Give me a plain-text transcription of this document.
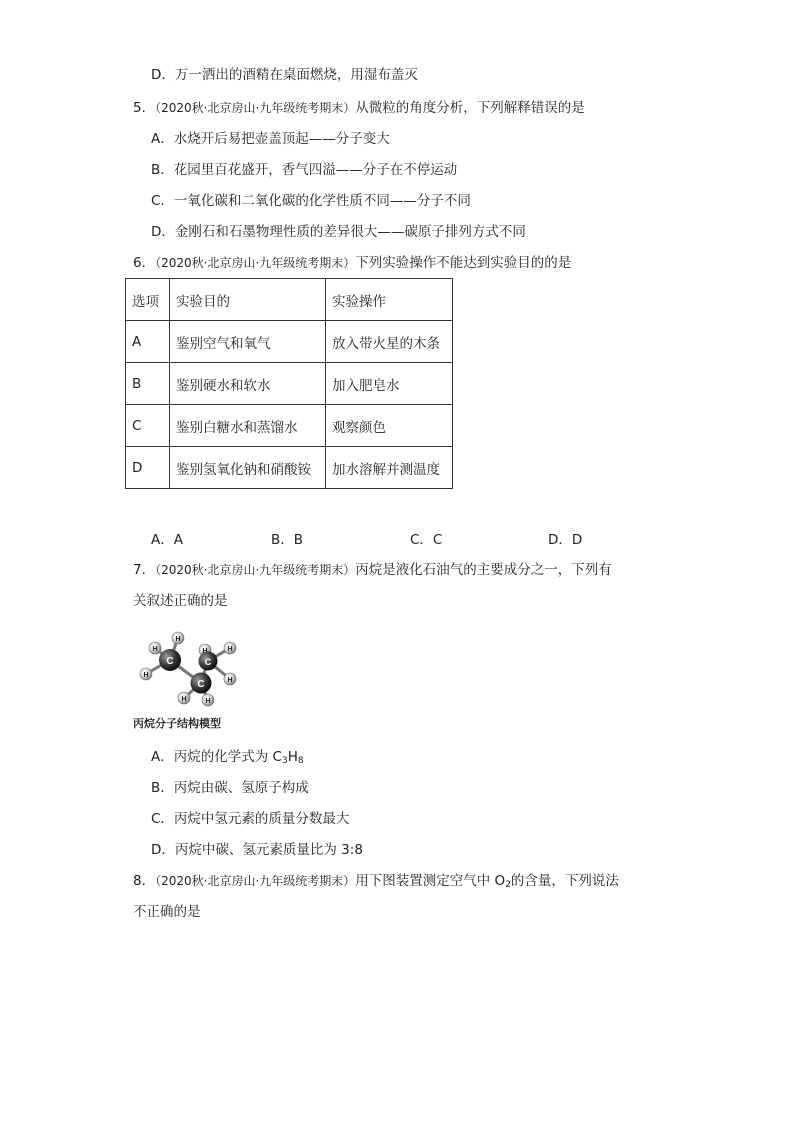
D．万一洒出的酒精在桌面燃烧，用湿布盖灭
5．（2020秋·北京房山·九年级统考期末）从微粒的角度分析，下列解释错误的是
A．水烧开后易把壶盖顶起——分子变大
B．花园里百花盛开，香气四溢——分子在不停运动
C．一氧化碳和二氧化碳的化学性质不同——分子不同
D．金刚石和石墨物理性质的差异很大——碳原子排列方式不同
6．（2020秋·北京房山·九年级统考期末）下列实验操作不能达到实验目的的是
选项	实验目的	实验操作
A	鉴别空气和氧气	放入带火星的木条
B	鉴别硬水和软水	加入肥皂水
C	鉴别白糖水和蒸馏水	观察颜色
D	鉴别氢氧化钠和硝酸铵	加水溶解并测温度
A．A	B．B	C．C	D．D
7．（2020秋·北京房山·九年级统考期末）丙烷是液化石油气的主要成分之一，下列有
关叙述正确的是
C	C
C
H
H
H
H
H
H
H	H
丙烷分子结构模型
A．丙烷的化学式为 $C_3H_8$
B．丙烷由碳、氢原子构成
C．丙烷中氢元素的质量分数最大
D．丙烷中碳、氢元素质量比为 3:8
8．（2020秋·北京房山·九年级统考期末）用下图装置测定空气中 $O_2$的含量，下列说法
不正确的是
